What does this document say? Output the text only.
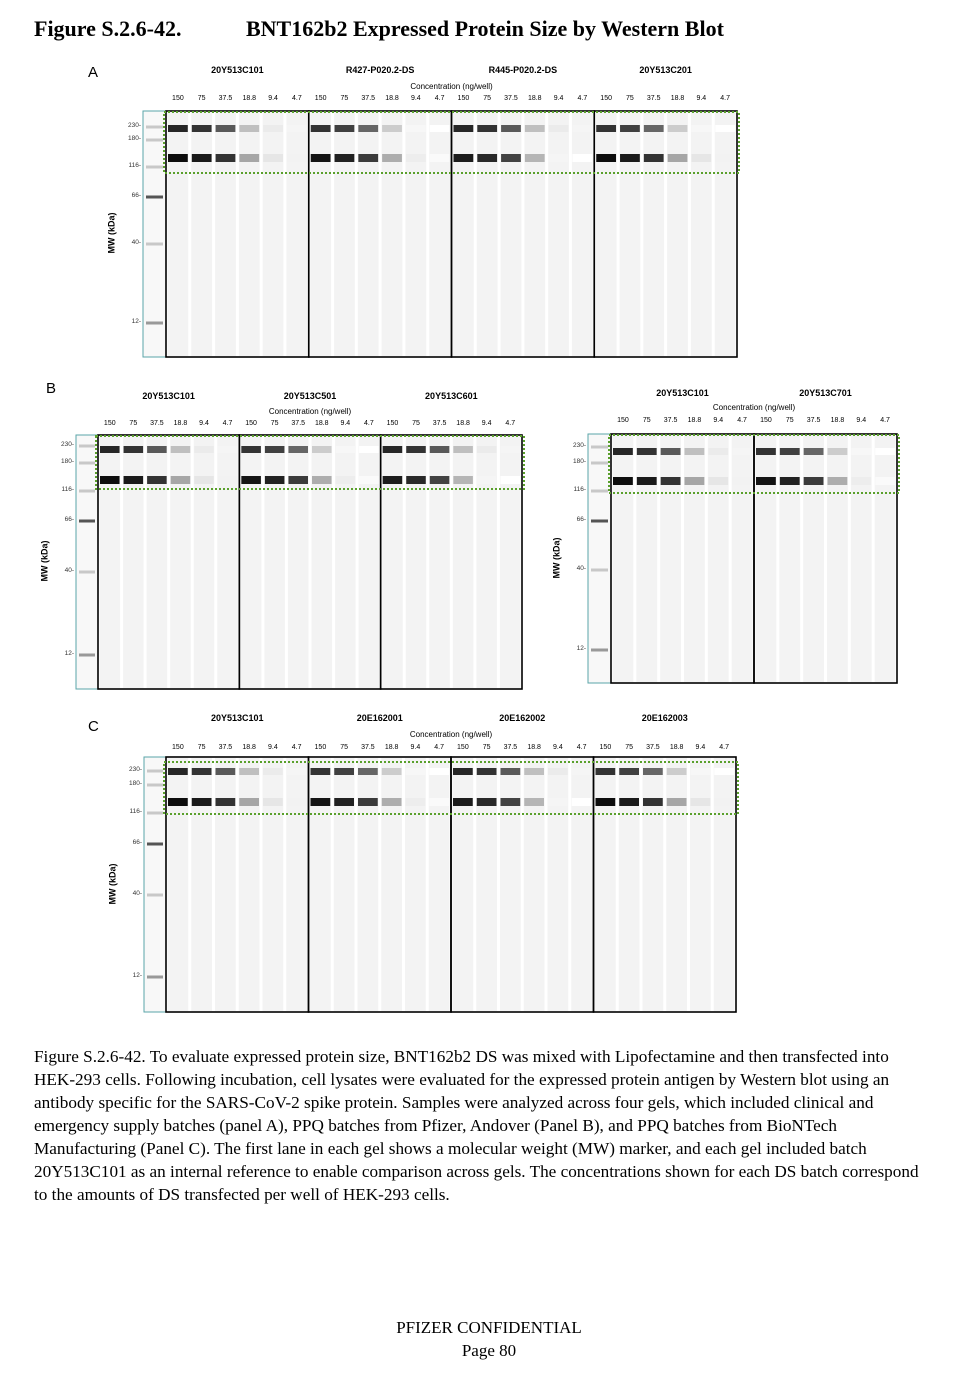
Figure S.2.6-42.	BNT162b2 Expressed Protein Size by Western Blot
A
B
C
230-
180-
116-
66-
40-
12-
MW (kDa)
150 75 37.5 18.8 9.4 4.7
20Y513C101
150 75 37.5 18.8 9.4 4.7
R427-P020.2-DS
150 75 37.5 18.8 9.4 4.7
R445-P020.2-DS
150 75 37.5 18.8 9.4 4.7
20Y513C201
Concentration (ng/well)
230-
180-
116-
66-
40-
12-
MW (kDa)
150 75 37.5 18.8 9.4 4.7
20Y513C101
150 75 37.5 18.8 9.4 4.7
20Y513C501
150 75 37.5 18.8 9.4 4.7
20Y513C601
Concentration (ng/well)
230-
180-
116-
66-
40-
12-
MW (kDa)
150 75 37.5 18.8 9.4 4.7
20Y513C101
150 75 37.5 18.8 9.4 4.7
20Y513C701
Concentration (ng/well)
230-
180-
116-
66-
40-
12-
MW (kDa)
150 75 37.5 18.8 9.4 4.7
20Y513C101
150 75 37.5 18.8 9.4 4.7
20E162001
150 75 37.5 18.8 9.4 4.7
20E162002
150 75 37.5 18.8 9.4 4.7
20E162003
Concentration (ng/well)
Figure S.2.6-42. To evaluate expressed protein size, BNT162b2 DS was mixed with Lipofectamine and then transfected into HEK-293 cells. Following incubation, cell lysates were evaluated for the expressed protein antigen by Western blot using an antibody specific for the SARS-CoV-2 spike protein. Samples were analyzed across four gels, which included clinical and emergency supply batches (panel A), PPQ batches from Pfizer, Andover (Panel B), and PPQ batches from BioNTech Manufacturing (Panel C). The first lane in each gel shows a molecular weight (MW) marker, and each gel included batch 20Y513C101 as an internal reference to enable comparison across gels. The concentrations shown for each DS batch correspond to the amounts of DS transfected per well of HEK-293 cells.
PFIZER CONFIDENTIAL
Page 80
